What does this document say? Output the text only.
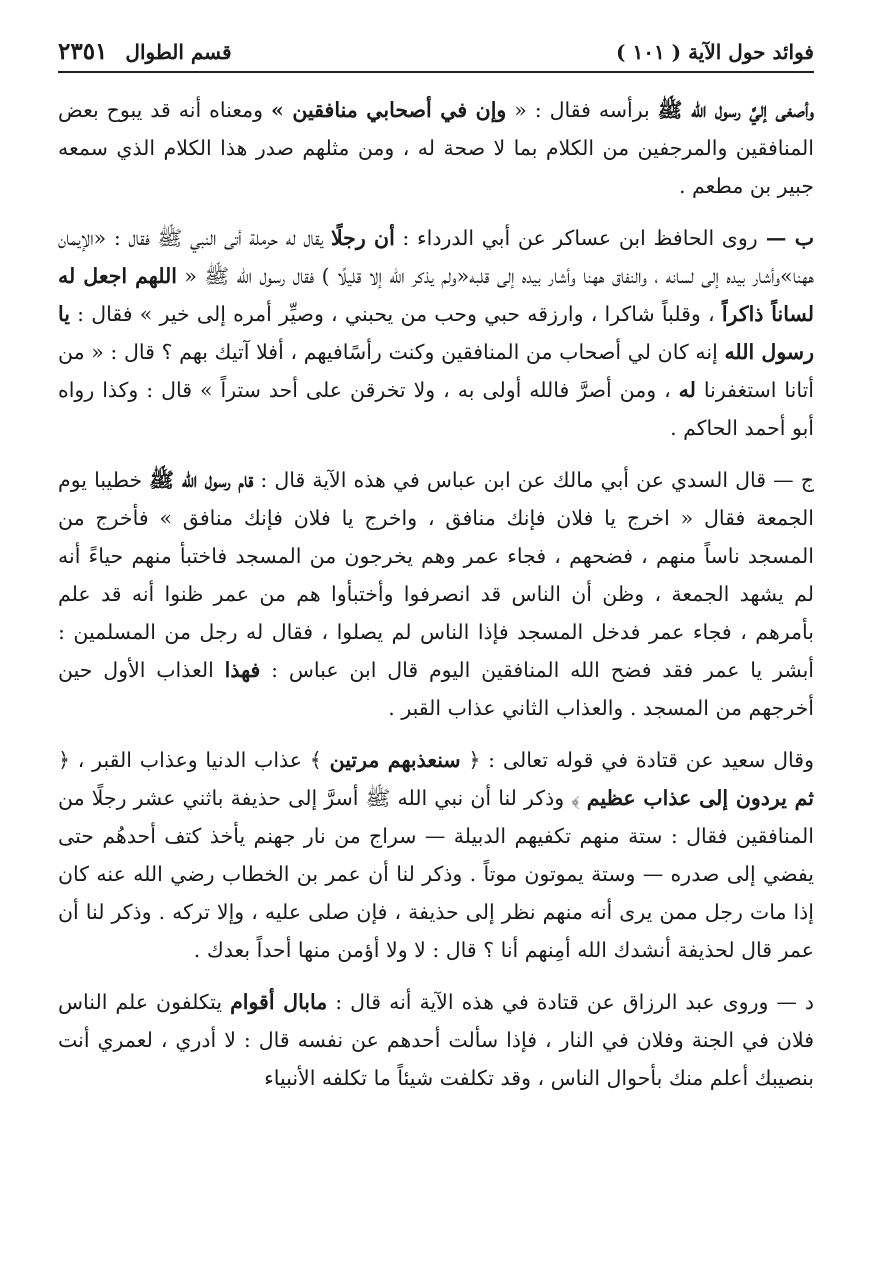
فوائد حول الآية ( ١٠١ )
قسم الطوال
٢٣٥١

وأصغى إليَّ رسول الله ﷺ برأسه فقال : « وإن في أصحابي منافقين » ومعناه أنه قد يبوح بعض المنافقين والمرجفين من الكلام بما لا صحة له ، ومن مثلهم صدر هذا الكلام الذي سمعه جبير بن مطعم .

ب — روى الحافظ ابن عساكر عن أبي الدرداء : أن رجلًا يقال له حرملة أتى النبي ﷺ فقال : «الإيمان ههنا»وأشار بيده إلى لسانه ، والنفاق ههنا وأشار بيده إلى قلبه«ولم يذكر الله إلا قليلًا ) فقال رسول الله ﷺ « اللهم اجعل له لساناً ذاكراً ، وقلباً شاكرا ، وارزقه حبي وحب من يحبني ، وصيِّر أمره إلى خير » فقال : يا رسول الله إنه كان لي أصحاب من المنافقين وكنت رأسًافيهم ، أفلا آتيك بهم ؟ قال : « من أتانا استغفرنا له ، ومن أصرَّ فالله أولى به ، ولا تخرقن على أحد ستراً » قال : وكذا رواه أبو أحمد الحاكم .

ج — قال السدي عن أبي مالك عن ابن عباس في هذه الآية قال : قام رسول الله ﷺ خطيبا يوم الجمعة فقال « اخرج يا فلان فإنك منافق ، واخرج يا فلان فإنك منافق » فأخرج من المسجد ناساً منهم ، فضحهم ، فجاء عمر وهم يخرجون من المسجد فاختبأ منهم حياءً أنه لم يشهد الجمعة ، وظن أن الناس قد انصرفوا وأختبأوا هم من عمر ظنوا أنه قد علم بأمرهم ، فجاء عمر فدخل المسجد فإذا الناس لم يصلوا ، فقال له رجل من المسلمين : أبشر يا عمر فقد فضح الله المنافقين اليوم قال ابن عباس : فهذا العذاب الأول حين أخرجهم من المسجد . والعذاب الثاني عذاب القبر .

وقال سعيد عن قتادة في قوله تعالى : ﴿ سنعذبهم مرتين ﴾ عذاب الدنيا وعذاب القبر ، ﴿ ثم يردون إلى عذاب عظيم ﴾ وذكر لنا أن نبي الله ﷺ أسرَّ إلى حذيفة باثني عشر رجلًا من المنافقين فقال : ستة منهم تكفيهم الدبيلة — سراج من نار جهنم يأخذ كتف أحدهُم حتى يفضي إلى صدره — وستة يموتون موتاً . وذكر لنا أن عمر بن الخطاب رضي الله عنه كان إذا مات رجل ممن يرى أنه منهم نظر إلى حذيفة ، فإن صلى عليه ، وإلا تركه . وذكر لنا أن عمر قال لحذيفة أنشدك الله أمِنهم أنا ؟ قال : لا ولا أؤمن منها أحداً بعدك .

د — وروى عبد الرزاق عن قتادة في هذه الآية أنه قال : مابال أقوام يتكلفون علم الناس فلان في الجنة وفلان في النار ، فإذا سألت أحدهم عن نفسه قال : لا أدري ، لعمري أنت بنصيبك أعلم منك بأحوال الناس ، وقد تكلفت شيئاً ما تكلفه الأنبياء
